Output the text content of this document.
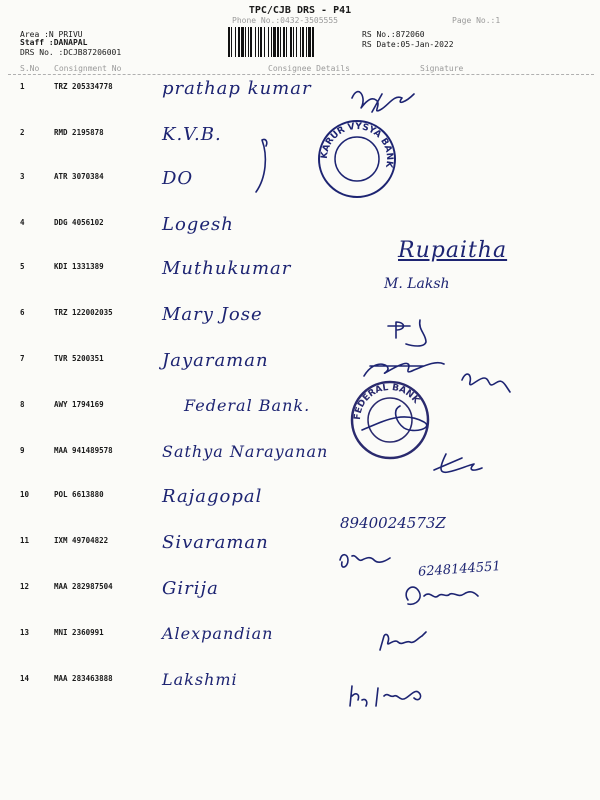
TPC/CJB DRS - P41
Phone No.:0432-3505555	Page No.:1
Area :N PRIVU
Staff :DANAPAL
DRS No. :DCJB87206001
RS No.:872060
RS Date:05-Jan-2022
S.No Consignment No	Consignee Details	Signature
1	TRZ 205334778	prathap kumar
2	RMD 2195878	K.V.B.
3	ATR 3070384	DO
4	DDG 4056102	Logesh
5	KDI 1331389	Muthukumar
6	TRZ 122002035	Mary Jose
7	TVR 5200351	Jayaraman
8	AWY 1794169	Federal Bank.
9	MAA 941489578	Sathya Narayanan
10	POL 6613880	Rajagopal
11	IXM 49704822	Sivaraman
12	MAA 282987504	Girija
13	MNI 2360991	Alexpandian
14	MAA 283463888	Lakshmi
Rupaitha
M. Laksh
8940024573Z
6248144551
KARUR VYSYA BANK
FEDERAL BANK
